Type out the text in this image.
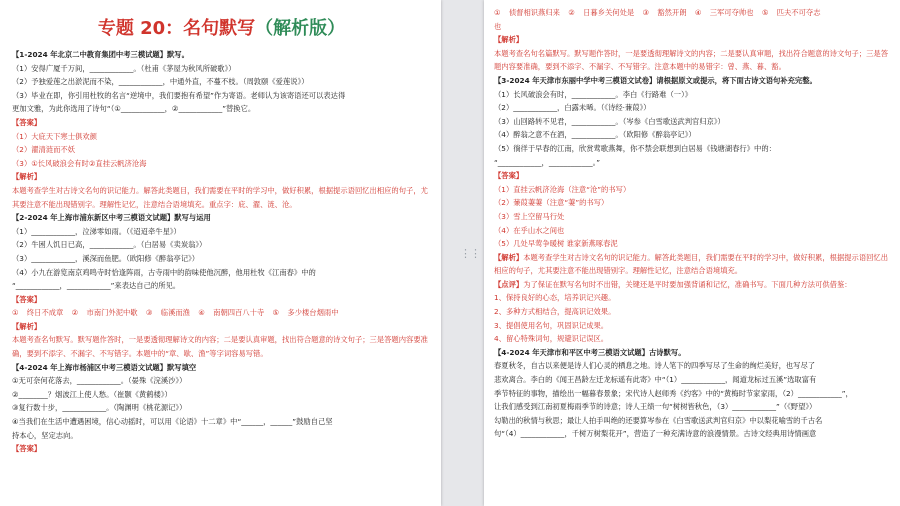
专题 20：名句默写（解析版）

【1-2024 年北京二中教育集团中考三模试题】默写。

（1）安得广厦千万间，____________。（杜甫《茅屋为秋风所破歌》）

（2）予独爱莲之出淤泥而不染，____________，中通外直，不蔓不枝。（周敦颐《爱莲说》）

（3）毕业在即，你引用杜牧的名言“逆境中，我们要抱有希望”作为寄语。老师认为该寄语还可以表达得

更加文雅，为此你选用了诗句“（①____________，②____________”替换它。

【答案】

（1）大庇天下寒士俱欢颜

（2）濯清涟而不妖

（3）①长风破浪会有时②直挂云帆济沧海

【解析】

本题考查学生对古诗文名句的识记能力。解答此类题目，我们需要在平时的学习中，做好积累，根据提示语回忆出相应的句子，尤其要注意不能出现错别字。理解性记忆，注意结合语境填充。重点字：庇、濯、涟、沧。

【2-2024 年上海市浦东新区中考三模语文试题】默写与运用

（1）____________，泣涕零如雨。（《迢迢牵牛星》）

（2）牛困人饥日已高，____________。（白居易《卖炭翁》）

（3）____________，溪深而鱼肥。（欧阳修《醉翁亭记》）

（4）小九在游览南京鸡鸣寺时恰逢阵雨，古寺雨中的韵味使他沉醉，他用杜牧《江南春》中的

“____________，____________”来表达自己的所见。

【答案】

① 终日不成章 ② 市南门外泥中歇 ③ 临溪而渔 ④ 南朝四百八十寺 ⑤ 多少楼台烟雨中

【解析】

本题考查名句默写。默写题作答时，一是要透彻理解诗文的内容；二是要认真审题，找出符合题意的诗文句子；三是答题内容要准确，要到不添字、不漏字、不写错字。本题中的“章、歇、渔”等字词容易写错。

【4-2024 年上海市杨浦区中考三模语文试题】默写填空

①无可奈何花落去，____________。（晏殊《浣溪沙》）

②________？烟波江上使人愁。（崔颢《黄鹤楼》）

③复行数十步，____________。（陶渊明《桃花源记》）

④当我们在生活中遭遇困境，信心动摇时，可以用《论语》十二章》中“______，______”鼓励自己坚

持本心，坚定志向。

【答案】

⋮⋮

① 侦督相识燕归来 ② 日暮乡关何处是 ③ 豁然开朗 ④ 三军可夺帅也 ⑤ 匹夫不可夺志

也

【解析】

本题考查名句名篇默写。默写题作答时，一是要透彻理解诗文的内容；二是要认真审题，找出符合题意的诗文句子；三是答题内容要准确，要到不添字、不漏字、不写错字。注意本题中的易错字：曾、燕、暮、豁。

【3-2024 年天津市东丽中学中考三模语文试卷】请根据原文或提示，将下面古诗文语句补充完整。

（1）长风破浪会有时，____________。李白《行路难（一）》

（2）____________，白露未晞。（《诗经·蒹葭》）

（3）山回路转不见君，____________。（岑参《白雪歌送武判官归京》）

（4）醉翁之意不在酒，____________。（欧阳修《醉翁亭记》）

（5）徜徉于早春的江南，欣赏莺歌燕舞，你不禁会联想到白居易《钱塘湖春行》中的：

“____________，____________。”

【答案】

（1）直挂云帆济沧海（注意“沧”的书写）

（2）蒹葭萋萋（注意“萋”的书写）

（3）雪上空留马行处

（4）在乎山水之间也

（5）几处早莺争暖树 谁家新燕啄春泥

【解析】本题考查学生对古诗文名句的识记能力。解答此类题目，我们需要在平时的学习中，做好积累，根据提示语回忆出相应的句子，尤其要注意不能出现错别字。理解性记忆，注意结合语境填充。

【点评】为了保证在默写名句时不出错，关键还是平时要加强背诵和记忆，准确书写。下面几种方法可供借鉴：

1、保持良好的心态，培养识记兴趣。

2、多种方式相结合，提高识记效果。

3、提倡使用名句，巩固识记成果。

4、留心特殊词句，规避识记误区。

【4-2024 年天津市和平区中考三模语文试题】古诗默写。

春夏秋冬，自古以来便是诗人们心灵的栖息之地。诗人笔下的四季写尽了生命的绚烂美好，也写尽了

悲欢离合。李白的《闻王昌龄左迁龙标遥有此寄》中“（1）____________，闻道龙标过五溪”选取富有

季节特征的事物，描绘出一幅暮春景象；宋代诗人赵师秀《约客》中的“黄梅时节家家雨，（2）____________”，

让我们感受到江南初夏梅雨季节的诗意；诗人王绩一句“树树皆秋色，（3）____________”（《野望》）

勾勒出的秋情与秋思；最让人拍手叫绝的还要算岑参在《白雪歌送武判官归京》中以梨花喻雪的千古名

句“（4）____________，千树万树梨花开”，营造了一种充满诗意的浪漫情景。古诗文经典用诗情画意
